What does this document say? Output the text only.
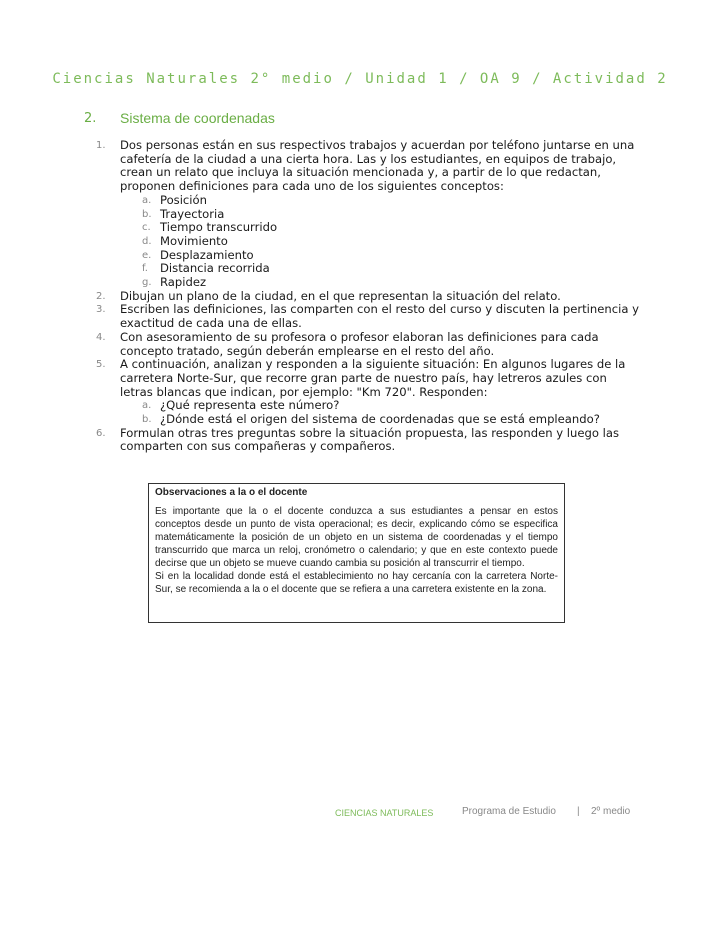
Ciencias Naturales 2° medio / Unidad 1 / OA 9 / Actividad 2
2. Sistema de coordenadas
1. Dos personas están en sus respectivos trabajos y acuerdan por teléfono juntarse en una cafetería de la ciudad a una cierta hora. Las y los estudiantes, en equipos de trabajo, crean un relato que incluya la situación mencionada y, a partir de lo que redactan, proponen definiciones para cada uno de los siguientes conceptos:
a. Posición
b. Trayectoria
c. Tiempo transcurrido
d. Movimiento
e. Desplazamiento
f. Distancia recorrida
g. Rapidez
2. Dibujan un plano de la ciudad, en el que representan la situación del relato.
3. Escriben las definiciones, las comparten con el resto del curso y discuten la pertinencia y exactitud de cada una de ellas.
4. Con asesoramiento de su profesora o profesor elaboran las definiciones para cada concepto tratado, según deberán emplearse en el resto del año.
5. A continuación, analizan y responden a la siguiente situación: En algunos lugares de la carretera Norte-Sur, que recorre gran parte de nuestro país, hay letreros azules con letras blancas que indican, por ejemplo: "Km 720". Responden:
a. ¿Qué representa este número?
b. ¿Dónde está el origen del sistema de coordenadas que se está empleando?
6. Formulan otras tres preguntas sobre la situación propuesta, las responden y luego las comparten con sus compañeras y compañeros.
Observaciones a la o el docente
Es importante que la o el docente conduzca a sus estudiantes a pensar en estos conceptos desde un punto de vista operacional; es decir, explicando cómo se especifica matemáticamente la posición de un objeto en un sistema de coordenadas y el tiempo transcurrido que marca un reloj, cronómetro o calendario; y que en este contexto puede decirse que un objeto se mueve cuando cambia su posición al transcurrir el tiempo.
Si en la localidad donde está el establecimiento no hay cercanía con la carretera Norte-Sur, se recomienda a la o el docente que se refiera a una carretera existente en la zona.
CIENCIAS NATURALES	Programa de Estudio | 2º medio
